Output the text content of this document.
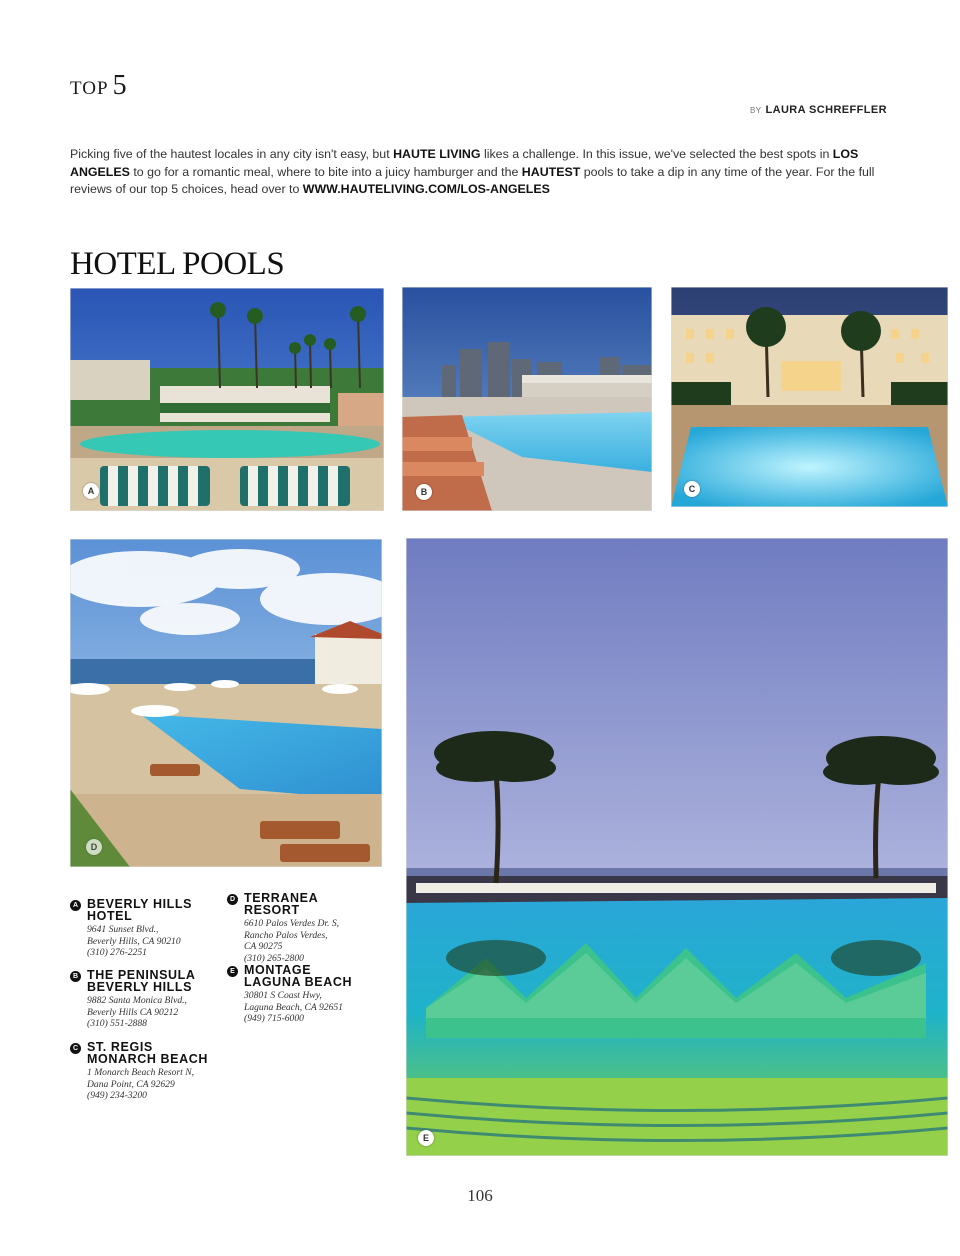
TOP 5
BY LAURA SCHREFFLER
Picking five of the hautest locales in any city isn't easy, but HAUTE LIVING likes a challenge. In this issue, we've selected the best spots in LOS ANGELES to go for a romantic meal, where to bite into a juicy hamburger and the HAUTEST pools to take a dip in any time of the year. For the full reviews of our top 5 choices, head over to WWW.HAUTELIVING.COM/LOS-ANGELES
HOTEL POOLS
A	B	C
D
E
A BEVERLY HILLS
HOTEL
9641 Sunset Blvd.,
Beverly Hills, CA 90210
(310) 276-2251
B THE PENINSULA
BEVERLY HILLS
9882 Santa Monica Blvd.,
Beverly Hills CA 90212
(310) 551-2888
C ST. REGIS
MONARCH BEACH
1 Monarch Beach Resort N,
Dana Point, CA 92629
(949) 234-3200
D TERRANEA RESORT
6610 Palos Verdes Dr. S,
Rancho Palos Verdes,
CA 90275
(310) 265-2800
E MONTAGE
LAGUNA BEACH
30801 S Coast Hwy,
Laguna Beach, CA 92651
(949) 715-6000
106
